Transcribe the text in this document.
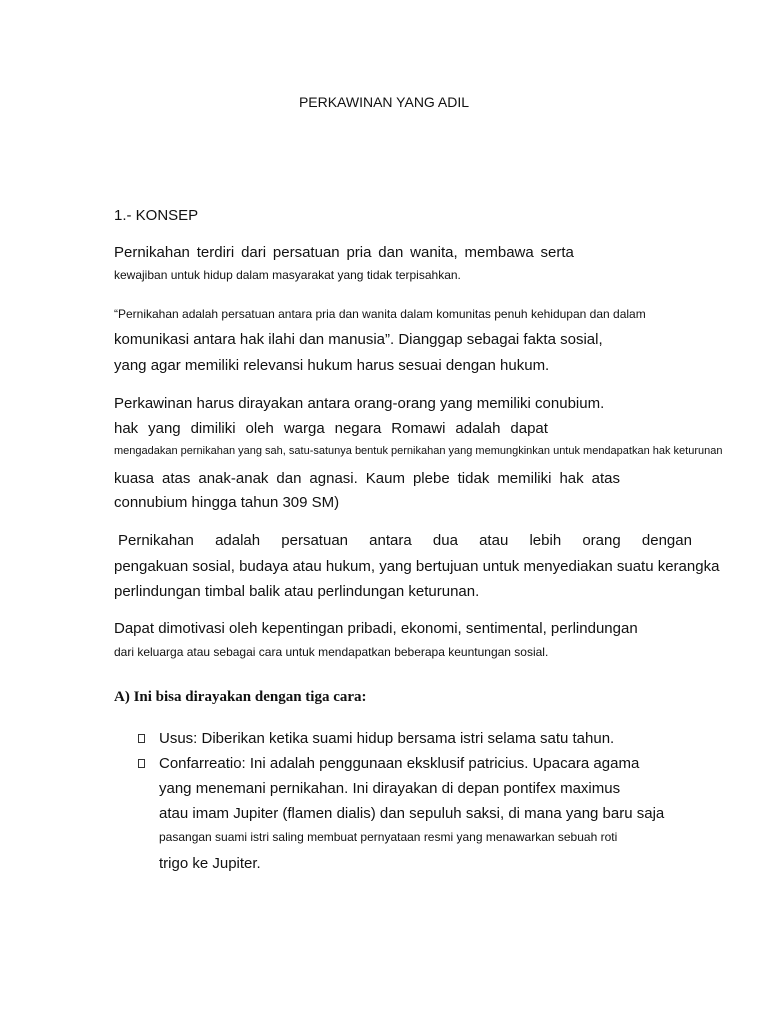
PERKAWINAN YANG ADIL
1.- KONSEP
Pernikahan terdiri dari persatuan pria dan wanita, membawa serta
kewajiban untuk hidup dalam masyarakat yang tidak terpisahkan.
“Pernikahan adalah persatuan antara pria dan wanita dalam komunitas penuh kehidupan dan dalam
komunikasi antara hak ilahi dan manusia”. Dianggap sebagai fakta sosial,
yang agar memiliki relevansi hukum harus sesuai dengan hukum.
Perkawinan harus dirayakan antara orang-orang yang memiliki conubium.
hak yang dimiliki oleh warga negara Romawi adalah dapat
mengadakan pernikahan yang sah, satu-satunya bentuk pernikahan yang memungkinkan untuk mendapatkan hak keturunan
kuasa atas anak-anak dan agnasi. Kaum plebe tidak memiliki hak atas
connubium hingga tahun 309 SM)
Pernikahan adalah persatuan antara dua atau lebih orang dengan
pengakuan sosial, budaya atau hukum, yang bertujuan untuk menyediakan suatu kerangka
perlindungan timbal balik atau perlindungan keturunan.
Dapat dimotivasi oleh kepentingan pribadi, ekonomi, sentimental, perlindungan
dari keluarga atau sebagai cara untuk mendapatkan beberapa keuntungan sosial.
A) Ini bisa dirayakan dengan tiga cara:
Usus: Diberikan ketika suami hidup bersama istri selama satu tahun.
Confarreatio: Ini adalah penggunaan eksklusif patricius. Upacara agama
yang menemani pernikahan. Ini dirayakan di depan pontifex maximus
atau imam Jupiter (flamen dialis) dan sepuluh saksi, di mana yang baru saja
pasangan suami istri saling membuat pernyataan resmi yang menawarkan sebuah roti
trigo ke Jupiter.
